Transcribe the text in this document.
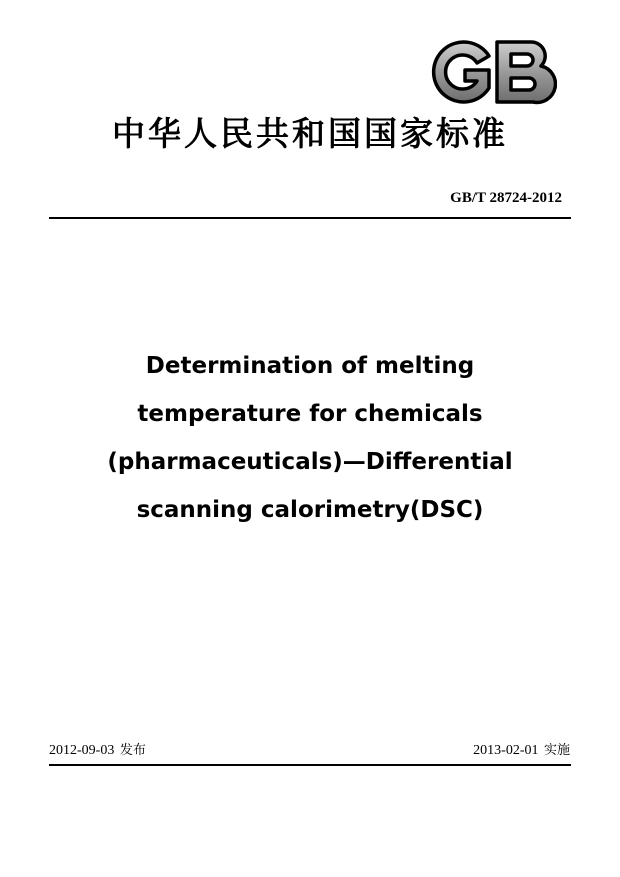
中华人民共和国国家标准
GB/T 28724-2012
Determination of melting
temperature for chemicals
(pharmaceuticals)—Differential
scanning calorimetry(DSC)
2012-09-03 发布	2013-02-01 实施
